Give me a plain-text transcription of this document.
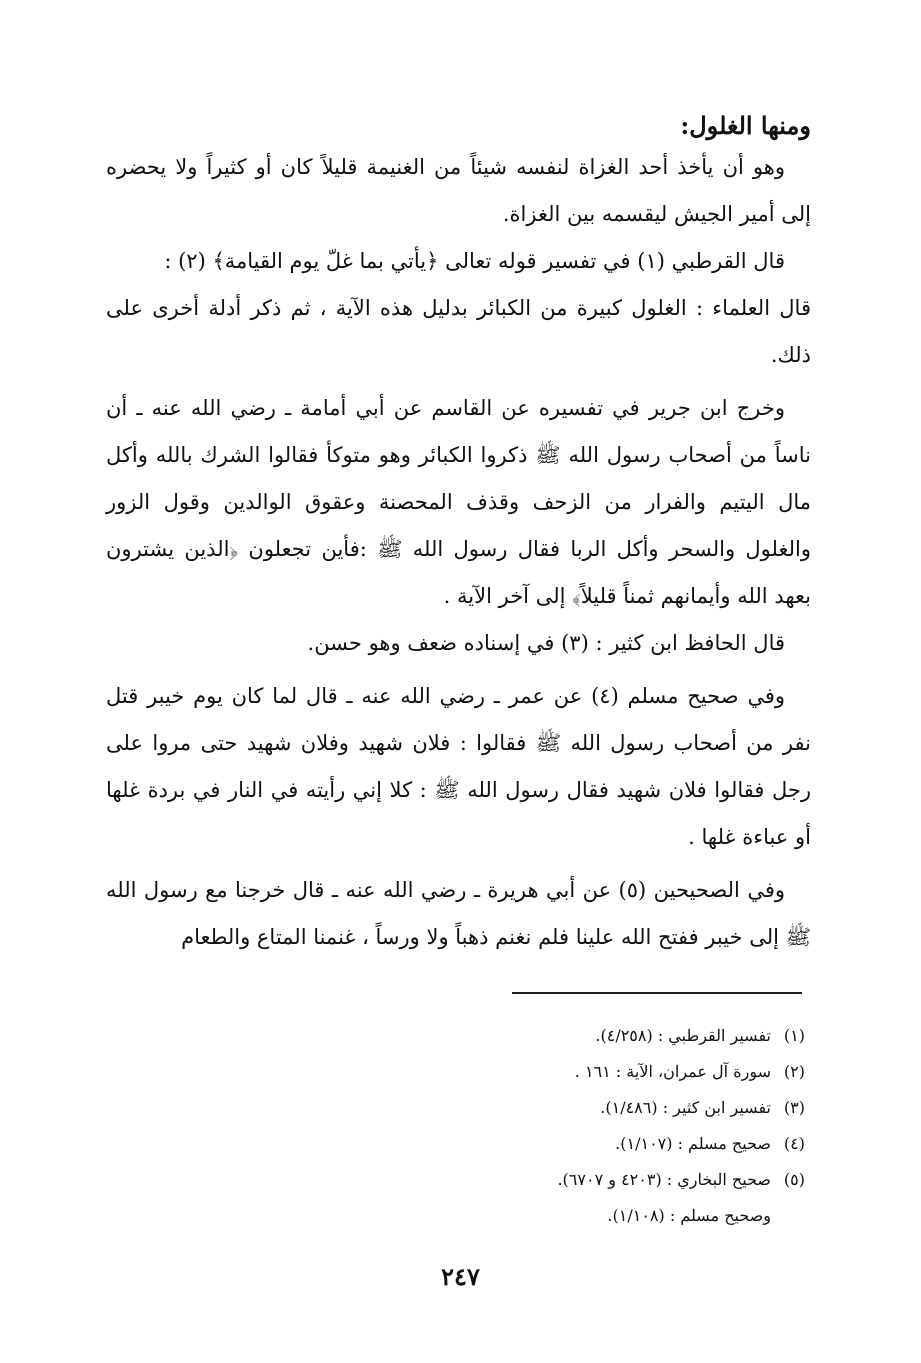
ومنها الغلول:

وهو أن يأخذ أحد الغزاة لنفسه شيئاً من الغنيمة قليلاً كان أو كثيراً ولا يحضره إلى أمير الجيش ليقسمه بين الغزاة.

قال القرطبي (١) في تفسير قوله تعالى ﴿يأتي بما غلّ يوم القيامة﴾ (٢) :

قال العلماء : الغلول كبيرة من الكبائر بدليل هذه الآية ، ثم ذكر أدلة أخرى على ذلك.

وخرج ابن جرير في تفسيره عن القاسم عن أبي أمامة ـ رضي الله عنه ـ أن ناساً من أصحاب رسول الله ﷺ ذكروا الكبائر وهو متوكأ فقالوا الشرك بالله وأكل مال اليتيم والفرار من الزحف وقذف المحصنة وعقوق الوالدين وقول الزور والغلول والسحر وأكل الربا فقال رسول الله ﷺ :فأين تجعلون ﴿الذين يشترون بعهد الله وأيمانهم ثمناً قليلاً﴾ إلى آخر الآية .

قال الحافظ ابن كثير : (٣) في إسناده ضعف وهو حسن.

وفي صحيح مسلم (٤) عن عمر ـ رضي الله عنه ـ قال لما كان يوم خيبر قتل نفر من أصحاب رسول الله ﷺ فقالوا : فلان شهيد وفلان شهيد حتى مروا على رجل فقالوا فلان شهيد فقال رسول الله ﷺ : كلا إني رأيته في النار في بردة غلها أو عباءة غلها .

وفي الصحيحين (٥) عن أبي هريرة ـ رضي الله عنه ـ قال خرجنا مع رسول الله ﷺ إلى خيبر ففتح الله علينا فلم نغنم ذهباً ولا ورساً ، غنمنا المتاع والطعام

(١)تفسير القرطبي : (٤/٢٥٨).
(٢)سورة آل عمران، الآية : ١٦١ .
(٣)تفسير ابن كثير : (١/٤٨٦).
(٤)صحيح مسلم : (١/١٠٧).
(٥)صحيح البخاري : (٤٢٠٣ و ٦٧٠٧).
وصحيح مسلم : (١/١٠٨).
٢٤٧
